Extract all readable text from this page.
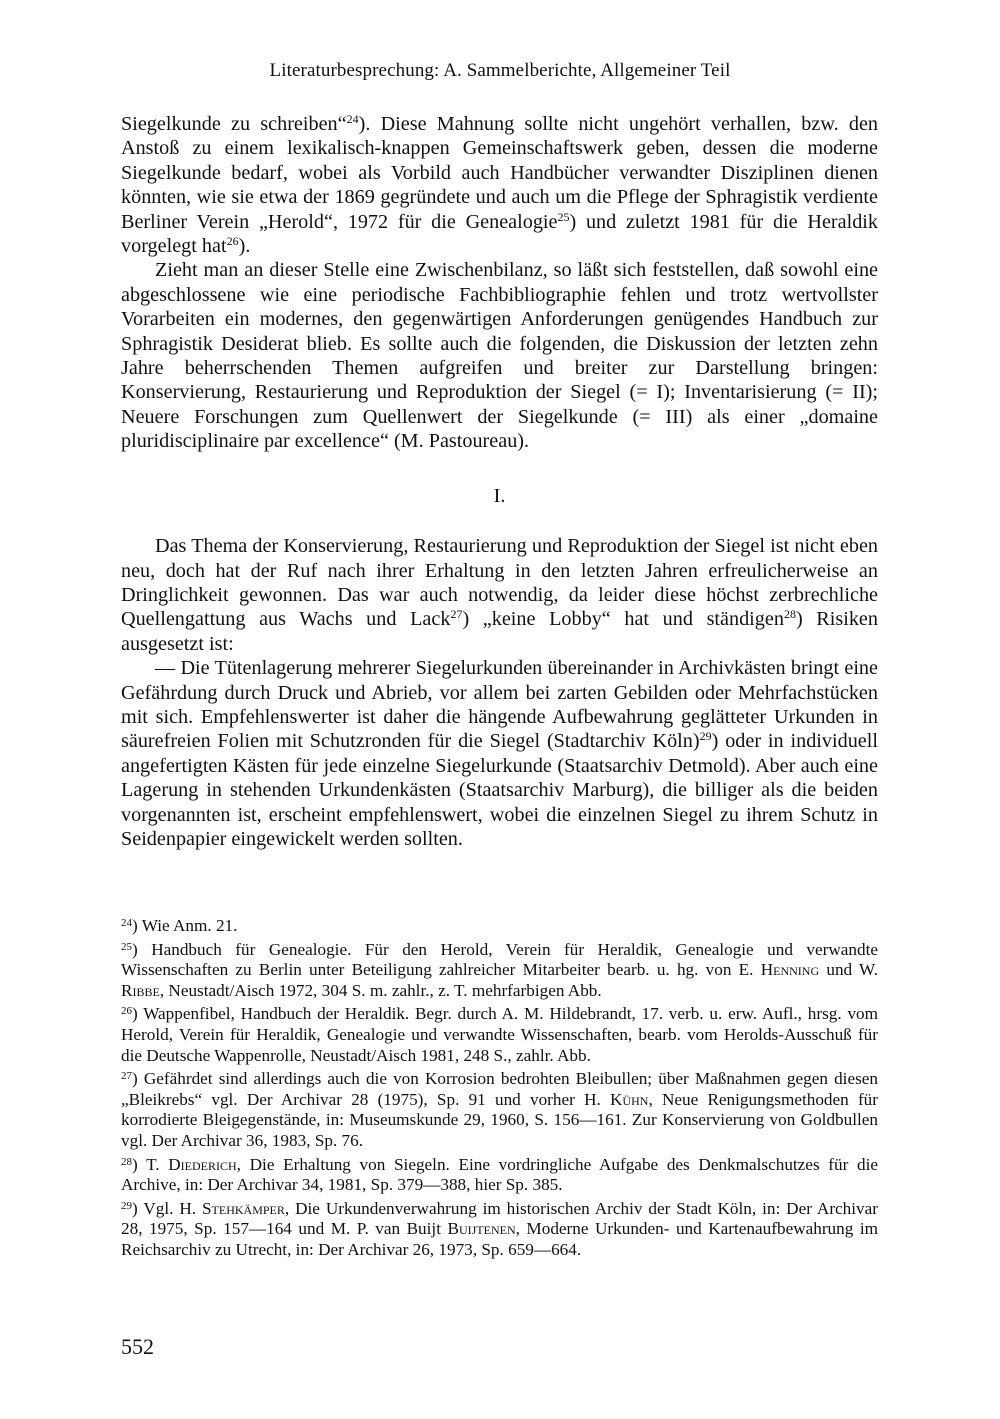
Literaturbesprechung: A. Sammelberichte, Allgemeiner Teil

Siegelkunde zu schreiben“$^{24}$). Diese Mahnung sollte nicht ungehört verhallen, bzw. den Anstoß zu einem lexikalisch-knappen Gemeinschaftswerk geben, dessen die moderne Siegelkunde bedarf, wobei als Vorbild auch Handbücher verwandter Disziplinen dienen könnten, wie sie etwa der 1869 gegründete und auch um die Pflege der Sphragistik verdiente Berliner Verein „Herold“, 1972 für die Genealogie$^{25}$) und zuletzt 1981 für die Heraldik vorgelegt hat$^{26}$).

Zieht man an dieser Stelle eine Zwischenbilanz, so läßt sich feststellen, daß sowohl eine abgeschlossene wie eine periodische Fachbibliographie fehlen und trotz wertvollster Vorarbeiten ein modernes, den gegenwärtigen Anforderungen genügendes Handbuch zur Sphragistik Desiderat blieb. Es sollte auch die folgenden, die Diskussion der letzten zehn Jahre beherrschenden Themen aufgreifen und breiter zur Darstellung bringen: Konservierung, Restaurierung und Reproduktion der Siegel (= I); Inventarisierung (= II); Neuere Forschungen zum Quellenwert der Siegelkunde (= III) als einer „domaine pluridisciplinaire par excellence“ (M. Pastoureau).

I.

Das Thema der Konservierung, Restaurierung und Reproduktion der Siegel ist nicht eben neu, doch hat der Ruf nach ihrer Erhaltung in den letzten Jahren erfreulicherweise an Dringlichkeit gewonnen. Das war auch notwendig, da leider diese höchst zerbrechliche Quellengattung aus Wachs und Lack$^{27}$) „keine Lobby“ hat und ständigen$^{28}$) Risiken ausgesetzt ist:

— Die Tütenlagerung mehrerer Siegelurkunden übereinander in Archivkästen bringt eine Gefährdung durch Druck und Abrieb, vor allem bei zarten Gebilden oder Mehrfachstücken mit sich. Empfehlenswerter ist daher die hängende Aufbewahrung geglätteter Urkunden in säurefreien Folien mit Schutzronden für die Siegel (Stadtarchiv Köln)$^{29}$) oder in individuell angefertigten Kästen für jede einzelne Siegelurkunde (Staatsarchiv Detmold). Aber auch eine Lagerung in stehenden Urkundenkästen (Staatsarchiv Marburg), die billiger als die beiden vorgenannten ist, erscheint empfehlenswert, wobei die einzelnen Siegel zu ihrem Schutz in Seidenpapier eingewickelt werden sollten.

$^{24}$) Wie Anm. 21.

$^{25}$) Handbuch für Genealogie. Für den Herold, Verein für Heraldik, Genealogie und verwandte Wissenschaften zu Berlin unter Beteiligung zahlreicher Mitarbeiter bearb. u. hg. von E. Henning und W. Ribbe, Neustadt/Aisch 1972, 304 S. m. zahlr., z. T. mehrfarbigen Abb.

$^{26}$) Wappenfibel, Handbuch der Heraldik. Begr. durch A. M. Hildebrandt, 17. verb. u. erw. Aufl., hrsg. vom Herold, Verein für Heraldik, Genealogie und verwandte Wissenschaften, bearb. vom Herolds-Ausschuß für die Deutsche Wappenrolle, Neustadt/Aisch 1981, 248 S., zahlr. Abb.

$^{27}$) Gefährdet sind allerdings auch die von Korrosion bedrohten Bleibullen; über Maßnahmen gegen diesen „Bleikrebs“ vgl. Der Archivar 28 (1975), Sp. 91 und vorher H. Kühn, Neue Renigungsmethoden für korrodierte Bleigegenstände, in: Museumskunde 29, 1960, S. 156—161. Zur Konservierung von Goldbullen vgl. Der Archivar 36, 1983, Sp. 76.

$^{28}$) T. Diederich, Die Erhaltung von Siegeln. Eine vordringliche Aufgabe des Denkmalschutzes für die Archive, in: Der Archivar 34, 1981, Sp. 379—388, hier Sp. 385.

$^{29}$) Vgl. H. Stehkämper, Die Urkundenverwahrung im historischen Archiv der Stadt Köln, in: Der Archivar 28, 1975, Sp. 157—164 und M. P. van Buijt Buijtenen, Moderne Urkunden- und Kartenaufbewahrung im Reichsarchiv zu Utrecht, in: Der Archivar 26, 1973, Sp. 659—664.

552
